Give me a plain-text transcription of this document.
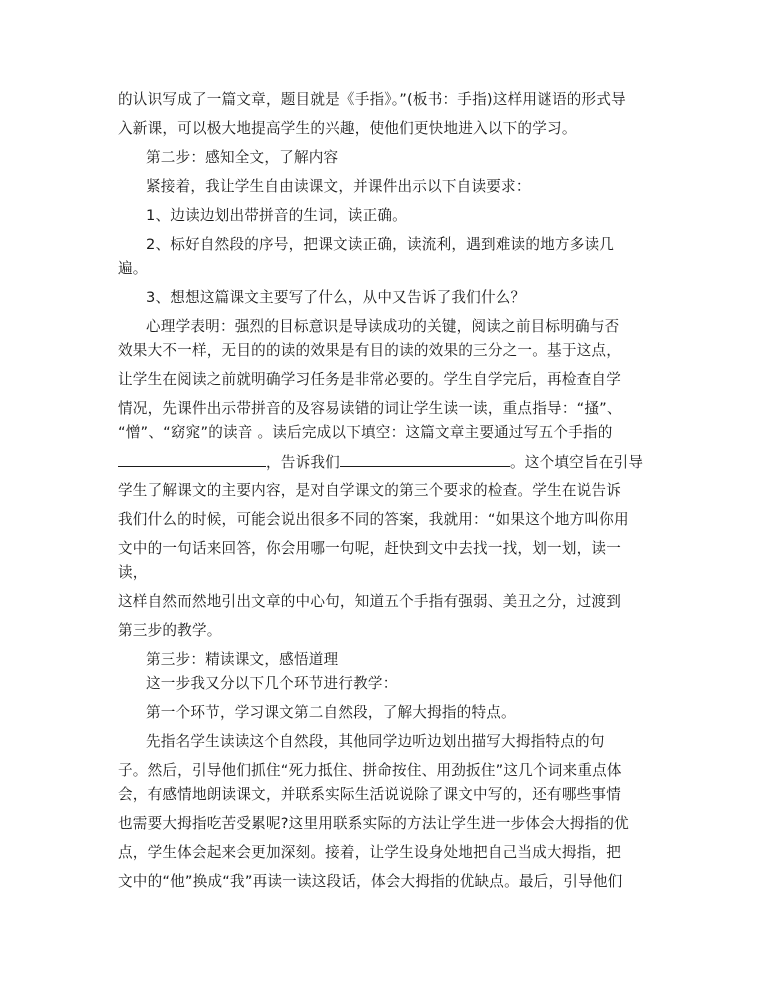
的认识写成了一篇文章，题目就是《手指》。”(板书：手指)这样用谜语的形式导
入新课，可以极大地提高学生的兴趣，使他们更快地进入以下的学习。
第二步：感知全文，了解内容
紧接着，我让学生自由读课文，并课件出示以下自读要求：
1、边读边划出带拼音的生词，读正确。
2、标好自然段的序号，把课文读正确，读流利，遇到难读的地方多读几
遍。
3、想想这篇课文主要写了什么，从中又告诉了我们什么？
心理学表明：强烈的目标意识是导读成功的关键，阅读之前目标明确与否
效果大不一样，无目的的读的效果是有目的读的效果的三分之一。基于这点，
让学生在阅读之前就明确学习任务是非常必要的。学生自学完后，再检查自学
情况，先课件出示带拼音的及容易读错的词让学生读一读，重点指导：“搔”、
“憎”、“窈窕”的读音 。读后完成以下填空：这篇文章主要通过写五个手指的
，告诉我们	。这个填空旨在引导
学生了解课文的主要内容，是对自学课文的第三个要求的检查。学生在说告诉
我们什么的时候，可能会说出很多不同的答案，我就用：“如果这个地方叫你用
文中的一句话来回答，你会用哪一句呢，赶快到文中去找一找，划一划，读一
读，
这样自然而然地引出文章的中心句，知道五个手指有强弱、美丑之分，过渡到
第三步的教学。
第三步：精读课文，感悟道理
这一步我又分以下几个环节进行教学：
第一个环节，学习课文第二自然段，了解大拇指的特点。
先指名学生读读这个自然段，其他同学边听边划出描写大拇指特点的句
子。然后，引导他们抓住“死力抵住、拼命按住、用劲扳住”这几个词来重点体
会，有感情地朗读课文，并联系实际生活说说除了课文中写的，还有哪些事情
也需要大拇指吃苦受累呢?这里用联系实际的方法让学生进一步体会大拇指的优
点，学生体会起来会更加深刻。接着，让学生设身处地把自己当成大拇指，把
文中的“他”换成“我”再读一读这段话，体会大拇指的优缺点。最后，引导他们
